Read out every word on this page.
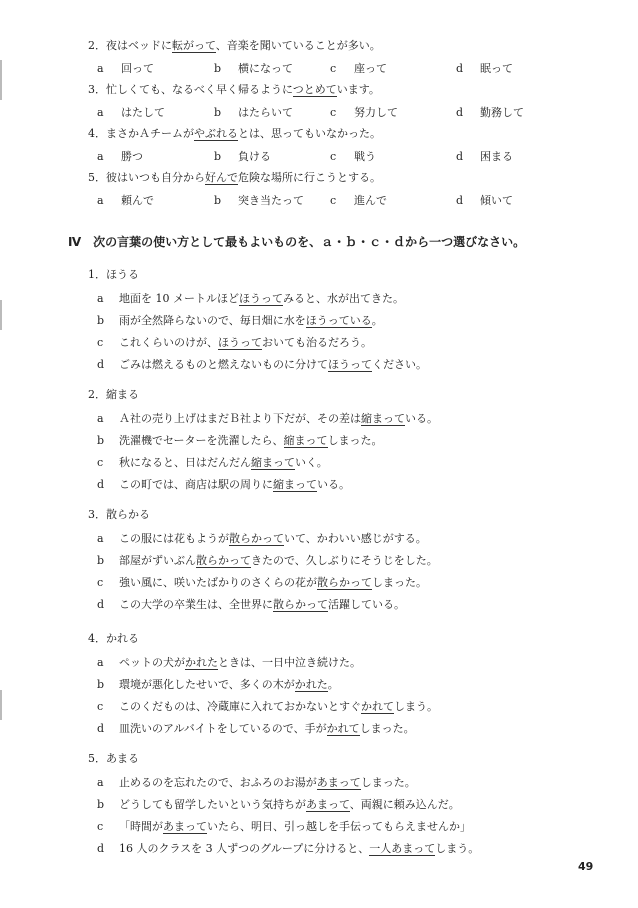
2．夜はベッドに転がって、音楽を聞いていることが多い。
a 回って	b 横になって	c 座って	d 眠って
3．忙しくても、なるべく早く帰るようにつとめています。
a はたして	b はたらいて	c 努力して	d 勤務して
4．まさかＡチームがやぶれるとは、思ってもいなかった。
a 勝つ	b 負ける	c 戦う	d 困まる
5．彼はいつも自分から好んで危険な場所に行こうとする。
a 頼んで	b 突き当たって c 進んで	d 傾いて
Ⅳ　次の言葉の使い方として最もよいものを、ａ・ｂ・ｃ・ｄから一つ選びなさい。
1．ほうる
a 地面を 10 メートルほどほうってみると、水が出てきた。
b 雨が全然降らないので、毎日畑に水をほうっている。
c これくらいのけが、ほうっておいても治るだろう。
d ごみは燃えるものと燃えないものに分けてほうってください。
2．縮まる
a Ａ社の売り上げはまだＢ社より下だが、その差は縮まっている。
b 洗濯機でセーターを洗濯したら、縮まってしまった。
c 秋になると、日はだんだん縮まっていく。
d この町では、商店は駅の周りに縮まっている。
3．散らかる
a この服には花もようが散らかっていて、かわいい感じがする。
b 部屋がずいぶん散らかってきたので、久しぶりにそうじをした。
c 強い風に、咲いたばかりのさくらの花が散らかってしまった。
d この大学の卒業生は、全世界に散らかって活躍している。
4．かれる
a ペットの犬がかれたときは、一日中泣き続けた。
b 環境が悪化したせいで、多くの木がかれた。
c このくだものは、冷蔵庫に入れておかないとすぐかれてしまう。
d 皿洗いのアルバイトをしているので、手がかれてしまった。
5．あまる
a 止めるのを忘れたので、おふろのお湯があまってしまった。
b どうしても留学したいという気持ちがあまって、両親に頼み込んだ。
c 「時間があまっていたら、明日、引っ越しを手伝ってもらえませんか」
d 16 人のクラスを 3 人ずつのグループに分けると、一人あまってしまう。
49
